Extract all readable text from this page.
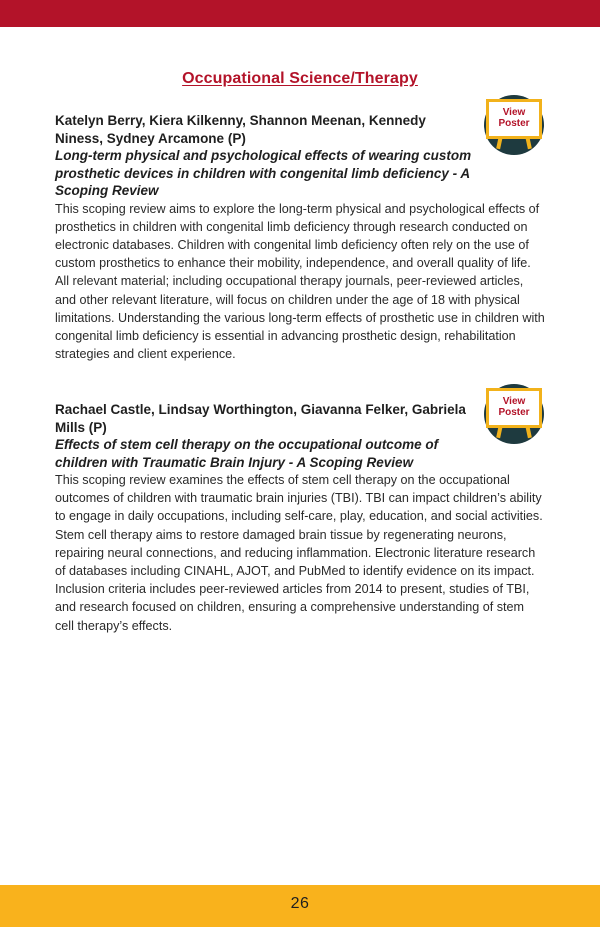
Occupational Science/Therapy
View
Poster
Katelyn Berry, Kiera Kilkenny, Shannon Meenan, Kennedy Niness, Sydney Arcamone (P)
Long-term physical and psychological effects of wearing custom prosthetic devices in children with congenital limb deficiency - A Scoping Review
This scoping review aims to explore the long-term physical and psychological effects of prosthetics in children with congenital limb deficiency through research conducted on electronic databases. Children with congenital limb deficiency often rely on the use of custom prosthetics to enhance their mobility, independence, and overall quality of life. All relevant material; including occupational therapy journals, peer-reviewed articles, and other relevant literature, will focus on children under the age of 18 with physical limitations. Understanding the various long-term effects of prosthetic use in children with congenital limb deficiency is essential in advancing prosthetic design, rehabilitation strategies and client experience.
View
Poster
Rachael Castle, Lindsay Worthington, Giavanna Felker, Gabriela Mills (P)
Effects of stem cell therapy on the occupational outcome of children with Traumatic Brain Injury - A Scoping Review
This scoping review examines the effects of stem cell therapy on the occupational outcomes of children with traumatic brain injuries (TBI). TBI can impact children’s ability to engage in daily occupations, including self-care, play, education, and social activities. Stem cell therapy aims to restore damaged brain tissue by regenerating neurons, repairing neural connections, and reducing inflammation. Electronic literature research of databases including CINAHL, AJOT, and PubMed to identify evidence on its impact. Inclusion criteria includes peer-reviewed articles from 2014 to present, studies of TBI, and research focused on children, ensuring a comprehensive understanding of stem cell therapy’s effects.
26
